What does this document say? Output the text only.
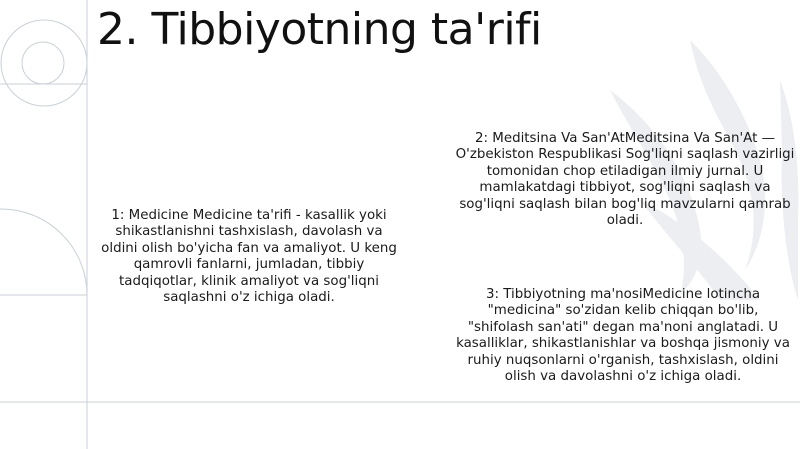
2. Tibbiyotning ta'rifi
1: Medicine Medicine ta'rifi - kasallik yoki shikastlanishni tashxislash, davolash va oldini olish bo'yicha fan va amaliyot. U keng qamrovli fanlarni, jumladan, tibbiy tadqiqotlar, klinik amaliyot va sog'liqni saqlashni o'z ichiga oladi.
2: Meditsina Va San'AtMeditsina Va San'At — O'zbekiston Respublikasi Sog'liqni saqlash vazirligi tomonidan chop etiladigan ilmiy jurnal. U mamlakatdagi tibbiyot, sog'liqni saqlash va sog'liqni saqlash bilan bog'liq mavzularni qamrab oladi.
3: Tibbiyotning ma'nosiMedicine lotincha "medicina" so'zidan kelib chiqqan bo'lib, "shifolash san'ati" degan ma'noni anglatadi. U kasalliklar, shikastlanishlar va boshqa jismoniy va ruhiy nuqsonlarni o'rganish, tashxislash, oldini olish va davolashni o'z ichiga oladi.
